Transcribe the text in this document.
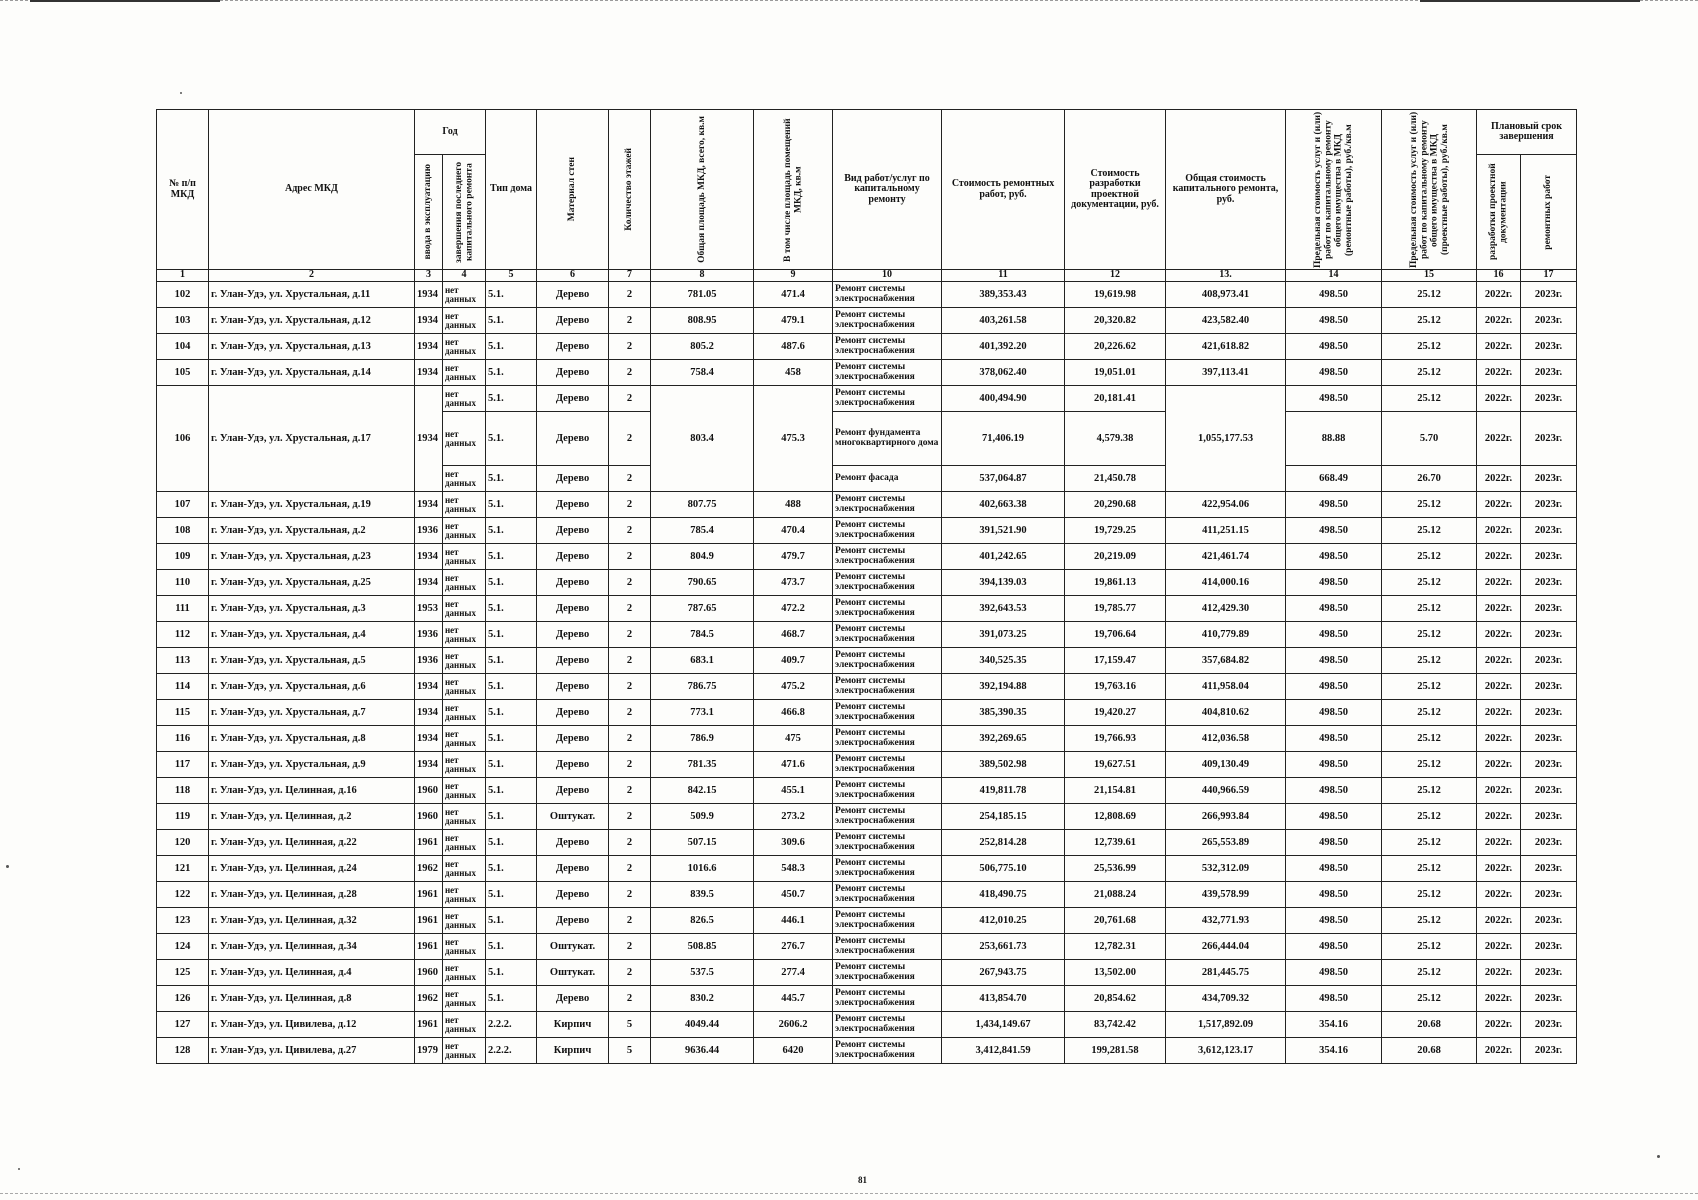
№ п/п МКД	Адрес МКД	Год		Тип дома	Материал стен	Количество этажей	Общая площадь МКД, всего, кв.м	В том числе площадь помещений МКД, кв.м	Вид работ/услуг по капитальному ремонту	Стоимость ремонтных работ, руб.	Стоимость разработки проектной документации, руб.	Общая стоимость капитального ремонта, руб.	Предельная стоимость услуг и (или) работ по капитальному ремонту общего имущества в МКД (ремонтные работы), руб./кв.м	Предельная стоимость услуг и (или) работ по капитальному ремонту общего имущества в МКД (проектные работы), руб./кв.м	Плановый срок завершения	

		ввода в эксплуатацию	завершения последнего капитального ремонта												разработки проектной документации	ремонтных работ

1	2	3	4	5	6	7	8	9	10	11	12	13.	14	15	16	17
102	г. Улан-Удэ, ул. Хрустальная, д.11	1934	нет данных	5.1.	Дерево	2	781.05	471.4	Ремонт системы электроснабжения	389,353.43	19,619.98	408,973.41	498.50	25.12	2022г.	2023г.
103	г. Улан-Удэ, ул. Хрустальная, д.12	1934	нет данных	5.1.	Дерево	2	808.95	479.1	Ремонт системы электроснабжения	403,261.58	20,320.82	423,582.40	498.50	25.12	2022г.	2023г.
104	г. Улан-Удэ, ул. Хрустальная, д.13	1934	нет данных	5.1.	Дерево	2	805.2	487.6	Ремонт системы электроснабжения	401,392.20	20,226.62	421,618.82	498.50	25.12	2022г.	2023г.
105	г. Улан-Удэ, ул. Хрустальная, д.14	1934	нет данных	5.1.	Дерево	2	758.4	458	Ремонт системы электроснабжения	378,062.40	19,051.01	397,113.41	498.50	25.12	2022г.	2023г.
106	г. Улан-Удэ, ул. Хрустальная, д.17	1934	нет данных	5.1.	Дерево	2	803.4	475.3	Ремонт системы электроснабжения	400,494.90	20,181.41	1,055,177.53	498.50	25.12	2022г.	2023г.
			нет данных	5.1.	Дерево	2			Ремонт фундамента многоквартирного дома	71,406.19	4,579.38		88.88	5.70	2022г.	2023г.
			нет данных	5.1.	Дерево	2			Ремонт фасада	537,064.87	21,450.78		668.49	26.70	2022г.	2023г.
107	г. Улан-Удэ, ул. Хрустальная, д.19	1934	нет данных	5.1.	Дерево	2	807.75	488	Ремонт системы электроснабжения	402,663.38	20,290.68	422,954.06	498.50	25.12	2022г.	2023г.
108	г. Улан-Удэ, ул. Хрустальная, д.2	1936	нет данных	5.1.	Дерево	2	785.4	470.4	Ремонт системы электроснабжения	391,521.90	19,729.25	411,251.15	498.50	25.12	2022г.	2023г.
109	г. Улан-Удэ, ул. Хрустальная, д.23	1934	нет данных	5.1.	Дерево	2	804.9	479.7	Ремонт системы электроснабжения	401,242.65	20,219.09	421,461.74	498.50	25.12	2022г.	2023г.
110	г. Улан-Удэ, ул. Хрустальная, д.25	1934	нет данных	5.1.	Дерево	2	790.65	473.7	Ремонт системы электроснабжения	394,139.03	19,861.13	414,000.16	498.50	25.12	2022г.	2023г.
111	г. Улан-Удэ, ул. Хрустальная, д.3	1953	нет данных	5.1.	Дерево	2	787.65	472.2	Ремонт системы электроснабжения	392,643.53	19,785.77	412,429.30	498.50	25.12	2022г.	2023г.
112	г. Улан-Удэ, ул. Хрустальная, д.4	1936	нет данных	5.1.	Дерево	2	784.5	468.7	Ремонт системы электроснабжения	391,073.25	19,706.64	410,779.89	498.50	25.12	2022г.	2023г.
113	г. Улан-Удэ, ул. Хрустальная, д.5	1936	нет данных	5.1.	Дерево	2	683.1	409.7	Ремонт системы электроснабжения	340,525.35	17,159.47	357,684.82	498.50	25.12	2022г.	2023г.
114	г. Улан-Удэ, ул. Хрустальная, д.6	1934	нет данных	5.1.	Дерево	2	786.75	475.2	Ремонт системы электроснабжения	392,194.88	19,763.16	411,958.04	498.50	25.12	2022г.	2023г.
115	г. Улан-Удэ, ул. Хрустальная, д.7	1934	нет данных	5.1.	Дерево	2	773.1	466.8	Ремонт системы электроснабжения	385,390.35	19,420.27	404,810.62	498.50	25.12	2022г.	2023г.
116	г. Улан-Удэ, ул. Хрустальная, д.8	1934	нет данных	5.1.	Дерево	2	786.9	475	Ремонт системы электроснабжения	392,269.65	19,766.93	412,036.58	498.50	25.12	2022г.	2023г.
117	г. Улан-Удэ, ул. Хрустальная, д.9	1934	нет данных	5.1.	Дерево	2	781.35	471.6	Ремонт системы электроснабжения	389,502.98	19,627.51	409,130.49	498.50	25.12	2022г.	2023г.
118	г. Улан-Удэ, ул. Целинная, д.16	1960	нет данных	5.1.	Дерево	2	842.15	455.1	Ремонт системы электроснабжения	419,811.78	21,154.81	440,966.59	498.50	25.12	2022г.	2023г.
119	г. Улан-Удэ, ул. Целинная, д.2	1960	нет данных	5.1.	Оштукат.	2	509.9	273.2	Ремонт системы электроснабжения	254,185.15	12,808.69	266,993.84	498.50	25.12	2022г.	2023г.
120	г. Улан-Удэ, ул. Целинная, д.22	1961	нет данных	5.1.	Дерево	2	507.15	309.6	Ремонт системы электроснабжения	252,814.28	12,739.61	265,553.89	498.50	25.12	2022г.	2023г.
121	г. Улан-Удэ, ул. Целинная, д.24	1962	нет данных	5.1.	Дерево	2	1016.6	548.3	Ремонт системы электроснабжения	506,775.10	25,536.99	532,312.09	498.50	25.12	2022г.	2023г.
122	г. Улан-Удэ, ул. Целинная, д.28	1961	нет данных	5.1.	Дерево	2	839.5	450.7	Ремонт системы электроснабжения	418,490.75	21,088.24	439,578.99	498.50	25.12	2022г.	2023г.
123	г. Улан-Удэ, ул. Целинная, д.32	1961	нет данных	5.1.	Дерево	2	826.5	446.1	Ремонт системы электроснабжения	412,010.25	20,761.68	432,771.93	498.50	25.12	2022г.	2023г.
124	г. Улан-Удэ, ул. Целинная, д.34	1961	нет данных	5.1.	Оштукат.	2	508.85	276.7	Ремонт системы электроснабжения	253,661.73	12,782.31	266,444.04	498.50	25.12	2022г.	2023г.
125	г. Улан-Удэ, ул. Целинная, д.4	1960	нет данных	5.1.	Оштукат.	2	537.5	277.4	Ремонт системы электроснабжения	267,943.75	13,502.00	281,445.75	498.50	25.12	2022г.	2023г.
126	г. Улан-Удэ, ул. Целинная, д.8	1962	нет данных	5.1.	Дерево	2	830.2	445.7	Ремонт системы электроснабжения	413,854.70	20,854.62	434,709.32	498.50	25.12	2022г.	2023г.
127	г. Улан-Удэ, ул. Цивилева, д.12	1961	нет данных	2.2.2.	Кирпич	5	4049.44	2606.2	Ремонт системы электроснабжения	1,434,149.67	83,742.42	1,517,892.09	354.16	20.68	2022г.	2023г.
128	г. Улан-Удэ, ул. Цивилева, д.27	1979	нет данных	2.2.2.	Кирпич	5	9636.44	6420	Ремонт системы электроснабжения	3,412,841.59	199,281.58	3,612,123.17	354.16	20.68	2022г.	2023г.
81
